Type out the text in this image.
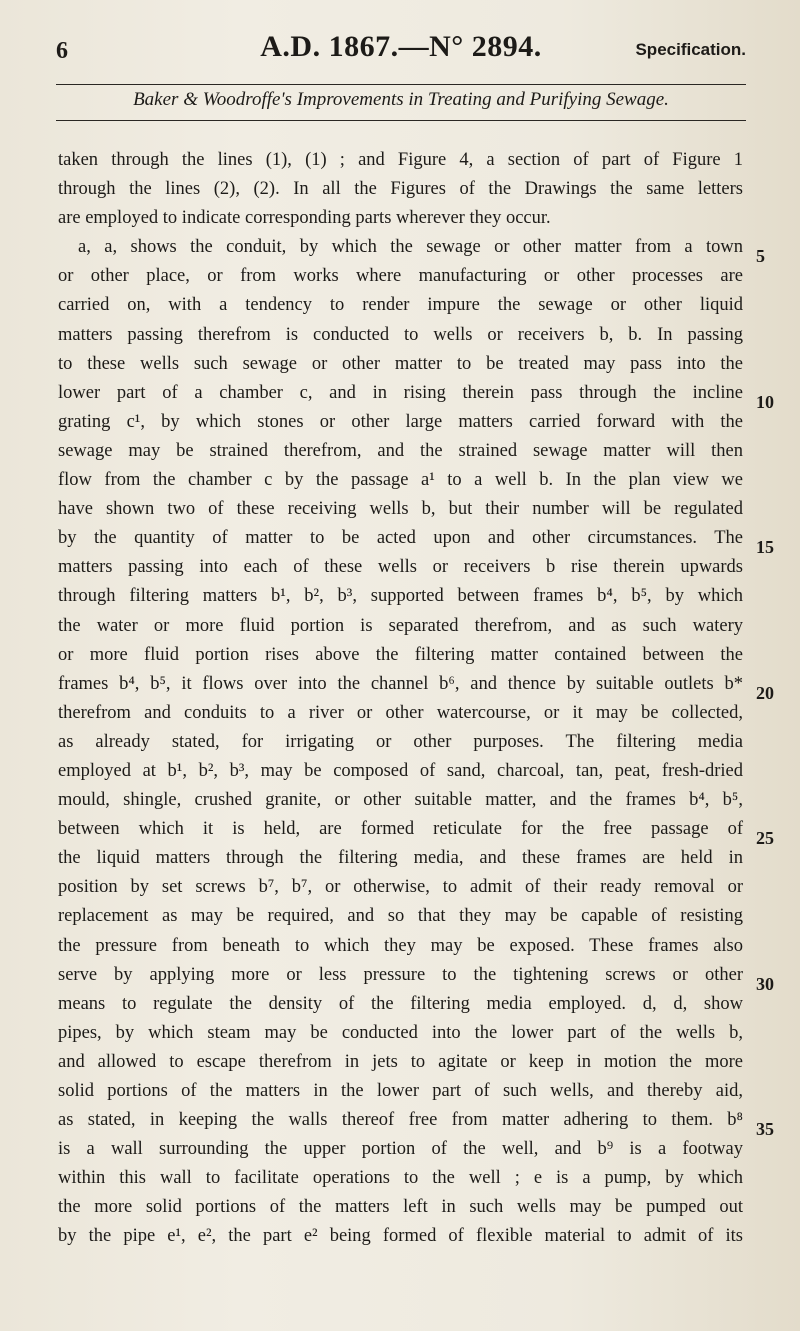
6	A.D. 1867.—N° 2894.	Specification.
Baker & Woodroffe's Improvements in Treating and Purifying Sewage.
taken through the lines (1), (1) ; and Figure 4, a section of part of Figure 1
through the lines (2), (2). In all the Figures of the Drawings the same letters
are employed to indicate corresponding parts wherever they occur.
a, a, shows the conduit, by which the sewage or other matter from a town
or other place, or from works where manufacturing or other processes are
carried on, with a tendency to render impure the sewage or other liquid
matters passing therefrom is conducted to wells or receivers b, b. In passing
to these wells such sewage or other matter to be treated may pass into the
lower part of a chamber c, and in rising therein pass through the incline
grating c¹, by which stones or other large matters carried forward with the
sewage may be strained therefrom, and the strained sewage matter will then
flow from the chamber c by the passage a¹ to a well b. In the plan view we
have shown two of these receiving wells b, but their number will be regulated
by the quantity of matter to be acted upon and other circumstances. The
matters passing into each of these wells or receivers b rise therein upwards
through filtering matters b¹, b², b³, supported between frames b⁴, b⁵, by which
the water or more fluid portion is separated therefrom, and as such watery
or more fluid portion rises above the filtering matter contained between the
frames b⁴, b⁵, it flows over into the channel b⁶, and thence by suitable outlets b*
therefrom and conduits to a river or other watercourse, or it may be collected,
as already stated, for irrigating or other purposes. The filtering media
employed at b¹, b², b³, may be composed of sand, charcoal, tan, peat, fresh-dried
mould, shingle, crushed granite, or other suitable matter, and the frames b⁴, b⁵,
between which it is held, are formed reticulate for the free passage of
the liquid matters through the filtering media, and these frames are held in
position by set screws b⁷, b⁷, or otherwise, to admit of their ready removal or
replacement as may be required, and so that they may be capable of resisting
the pressure from beneath to which they may be exposed. These frames also
serve by applying more or less pressure to the tightening screws or other
means to regulate the density of the filtering media employed. d, d, show
pipes, by which steam may be conducted into the lower part of the wells b,
and allowed to escape therefrom in jets to agitate or keep in motion the more
solid portions of the matters in the lower part of such wells, and thereby aid,
as stated, in keeping the walls thereof free from matter adhering to them. b⁸
is a wall surrounding the upper portion of the well, and b⁹ is a footway
within this wall to facilitate operations to the well ; e is a pump, by which
the more solid portions of the matters left in such wells may be pumped out
by the pipe e¹, e², the part e² being formed of flexible material to admit of its
5
10
15
20
25
30
35
